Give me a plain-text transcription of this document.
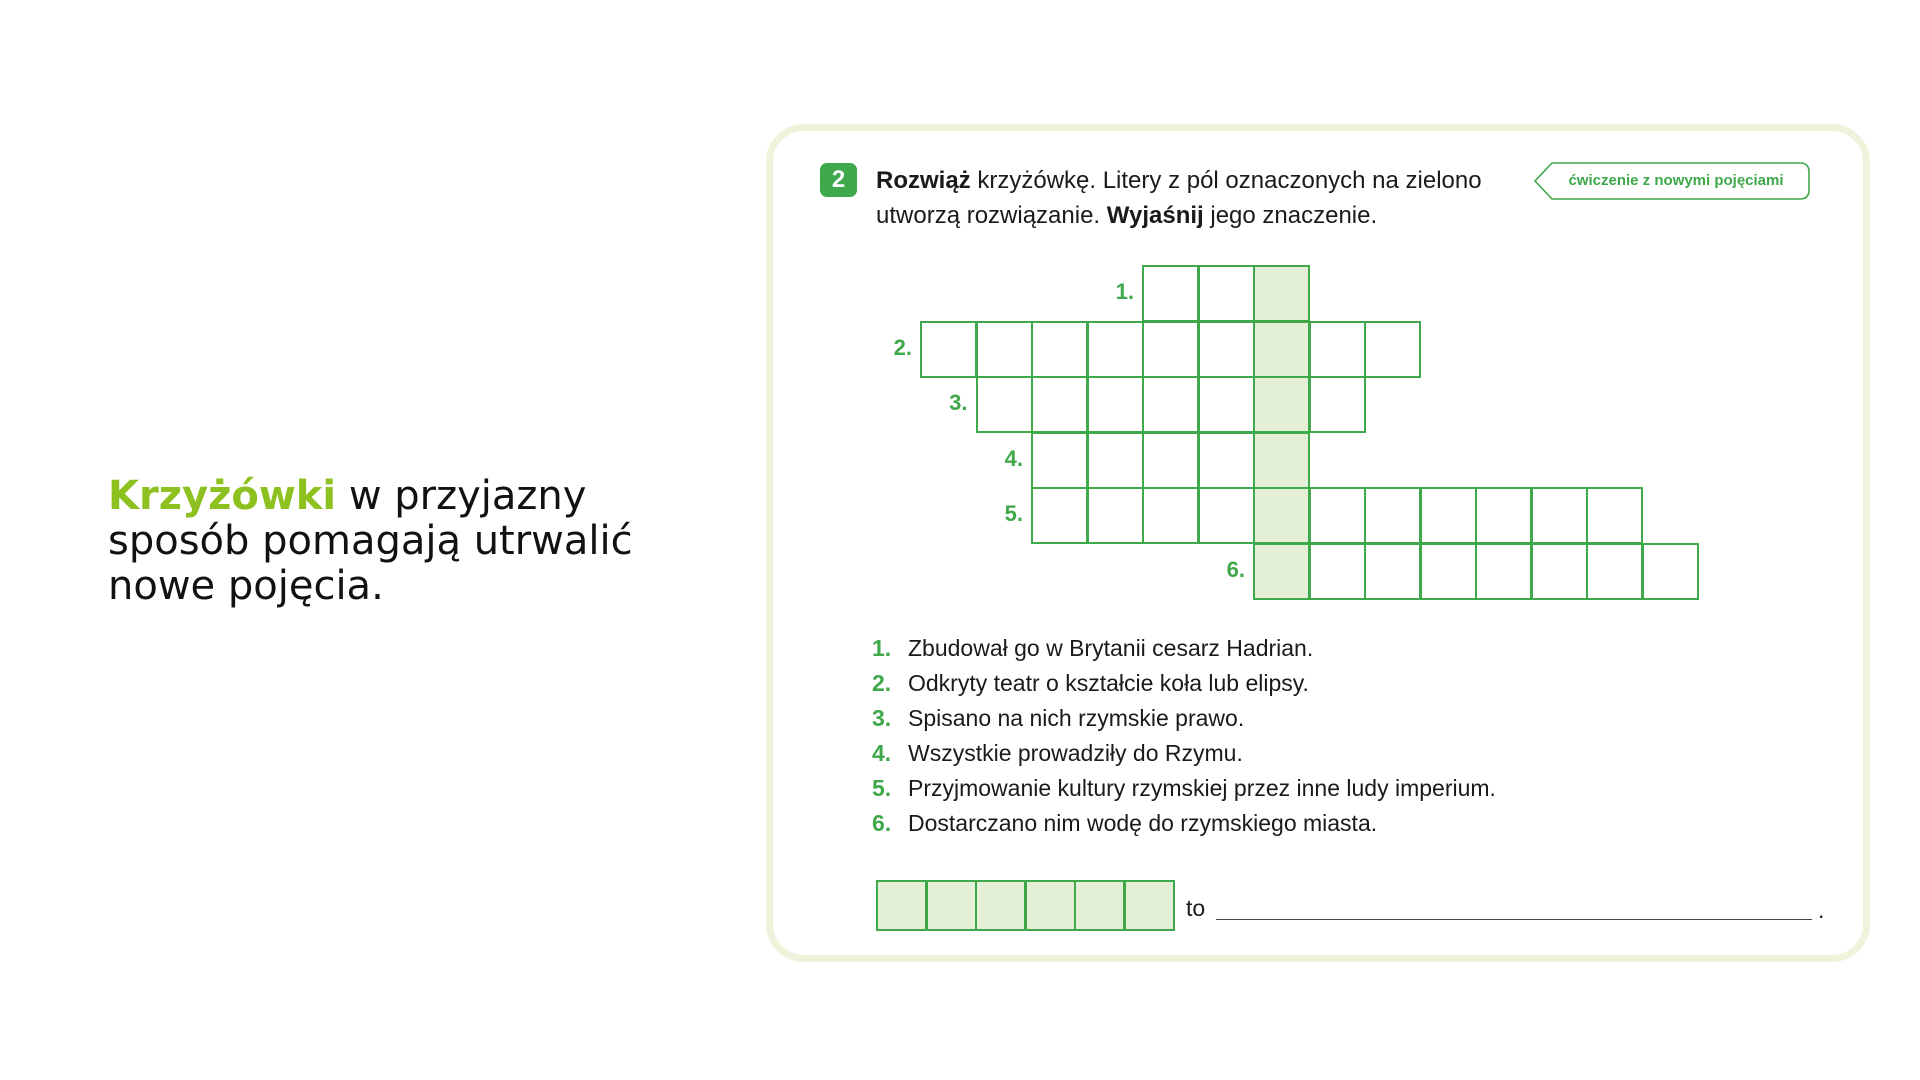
Krzyżówki w przyjazny sposób pomagają utrwalić nowe pojęcia.
2	Rozwiąż krzyżówkę. Litery z pól oznaczonych na zielono utworzą rozwiązanie. Wyjaśnij jego znaczenie.

ćwiczenie z nowymi pojęciami
1.
2.
3.
4.
5.
6.
1. Zbudował go w Brytanii cesarz Hadrian.
2. Odkryty teatr o kształcie koła lub elipsy.
3. Spisano na nich rzymskie prawo.
4. Wszystkie prowadziły do Rzymu.
5. Przyjmowanie kultury rzymskiej przez inne ludy imperium.
6. Dostarczano nim wodę do rzymskiego miasta.
to	.
